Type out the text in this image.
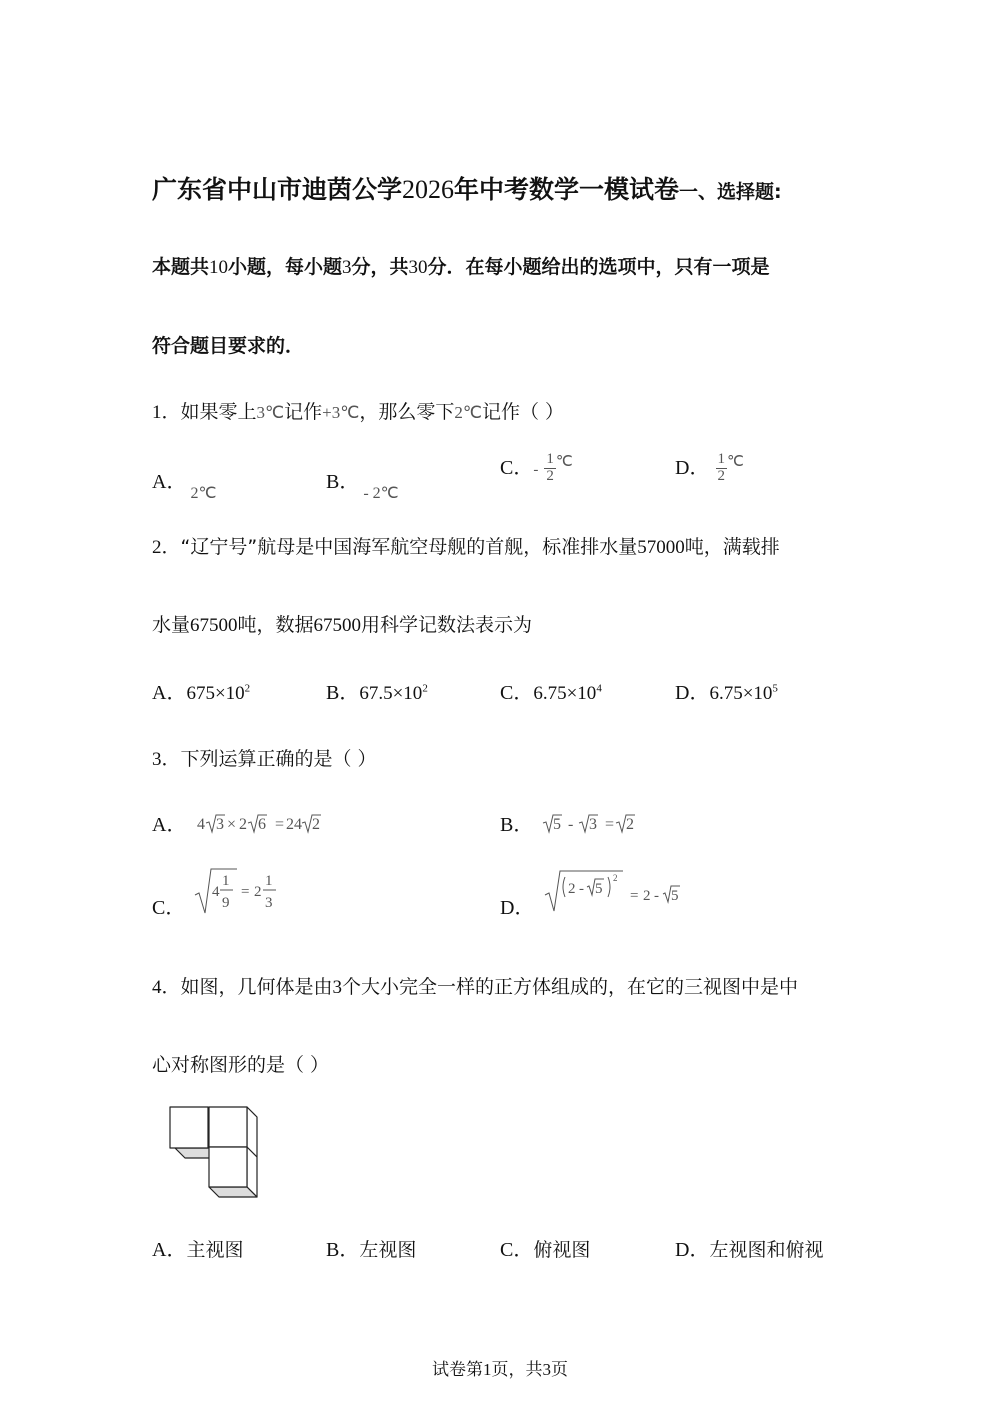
广东省中山市迪茵公学2026年中考数学一模试卷一、选择题:
本题共10小题，每小题3分，共30分．在每小题给出的选项中，只有一项是
符合题目要求的．
1．如果零上3℃记作+3℃，那么零下2℃记作（ ）
A．$_{2℃}$
B．$_{- 2℃}$
C．- $\frac{1}{2} ^℃$	D． $\frac{1}{2} ^℃$
2．“辽宁号”航母是中国海军航空母舰的首舰，标准排水量57000吨，满载排
水量67500吨，数据67500用科学记数法表示为
A．$675\times 10^2$	B．$67.5\times 10^2$	C．$6.75\times 10^4$	D．$6.75\times 10^5$
3．下列运算正确的是（ ）
A． 4 3 × 2 6 = 24 2	B． 5 - 3 = 2
C．
4
1
9
= 2
1
3	D．
2 - 5
2
= 2 - 5
4．如图，几何体是由3个大小完全一样的正方体组成的，在它的三视图中是中
心对称图形的是（ ）
A．主视图	B．左视图	C．俯视图	D．左视图和俯视
试卷第1页，共3页
